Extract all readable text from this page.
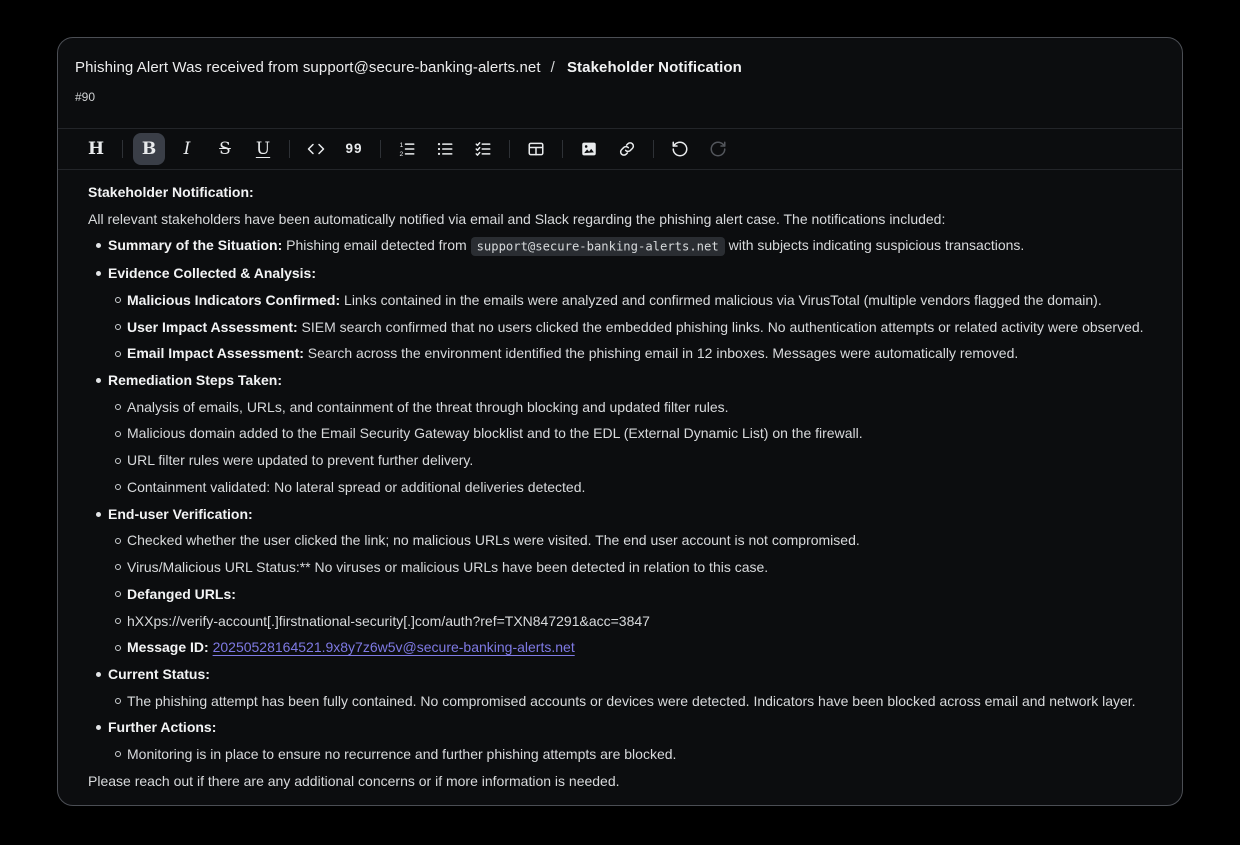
Phishing Alert Was received from support@secure-banking-alerts.net / Stakeholder Notification
#90
H B I S U	99	1
2
Stakeholder Notification:
All relevant stakeholders have been automatically notified via email and Slack regarding the phishing alert case. The notifications included:
Summary of the Situation: Phishing email detected from support@secure-banking-alerts.net with subjects indicating suspicious transactions.
Evidence Collected & Analysis:
Malicious Indicators Confirmed: Links contained in the emails were analyzed and confirmed malicious via VirusTotal (multiple vendors flagged the domain).
User Impact Assessment: SIEM search confirmed that no users clicked the embedded phishing links. No authentication attempts or related activity were observed.
Email Impact Assessment: Search across the environment identified the phishing email in 12 inboxes. Messages were automatically removed.
Remediation Steps Taken:
Analysis of emails, URLs, and containment of the threat through blocking and updated filter rules.
Malicious domain added to the Email Security Gateway blocklist and to the EDL (External Dynamic List) on the firewall.
URL filter rules were updated to prevent further delivery.
Containment validated: No lateral spread or additional deliveries detected.
End-user Verification:
Checked whether the user clicked the link; no malicious URLs were visited. The end user account is not compromised.
Virus/Malicious URL Status:** No viruses or malicious URLs have been detected in relation to this case.
Defanged URLs:
hXXps://verify-account[.]firstnational-security[.]com/auth?ref=TXN847291&acc=3847
Message ID: 20250528164521.9x8y7z6w5v@secure-banking-alerts.net
Current Status:
The phishing attempt has been fully contained. No compromised accounts or devices were detected. Indicators have been blocked across email and network layer.
Further Actions:
Monitoring is in place to ensure no recurrence and further phishing attempts are blocked.
Please reach out if there are any additional concerns or if more information is needed.
